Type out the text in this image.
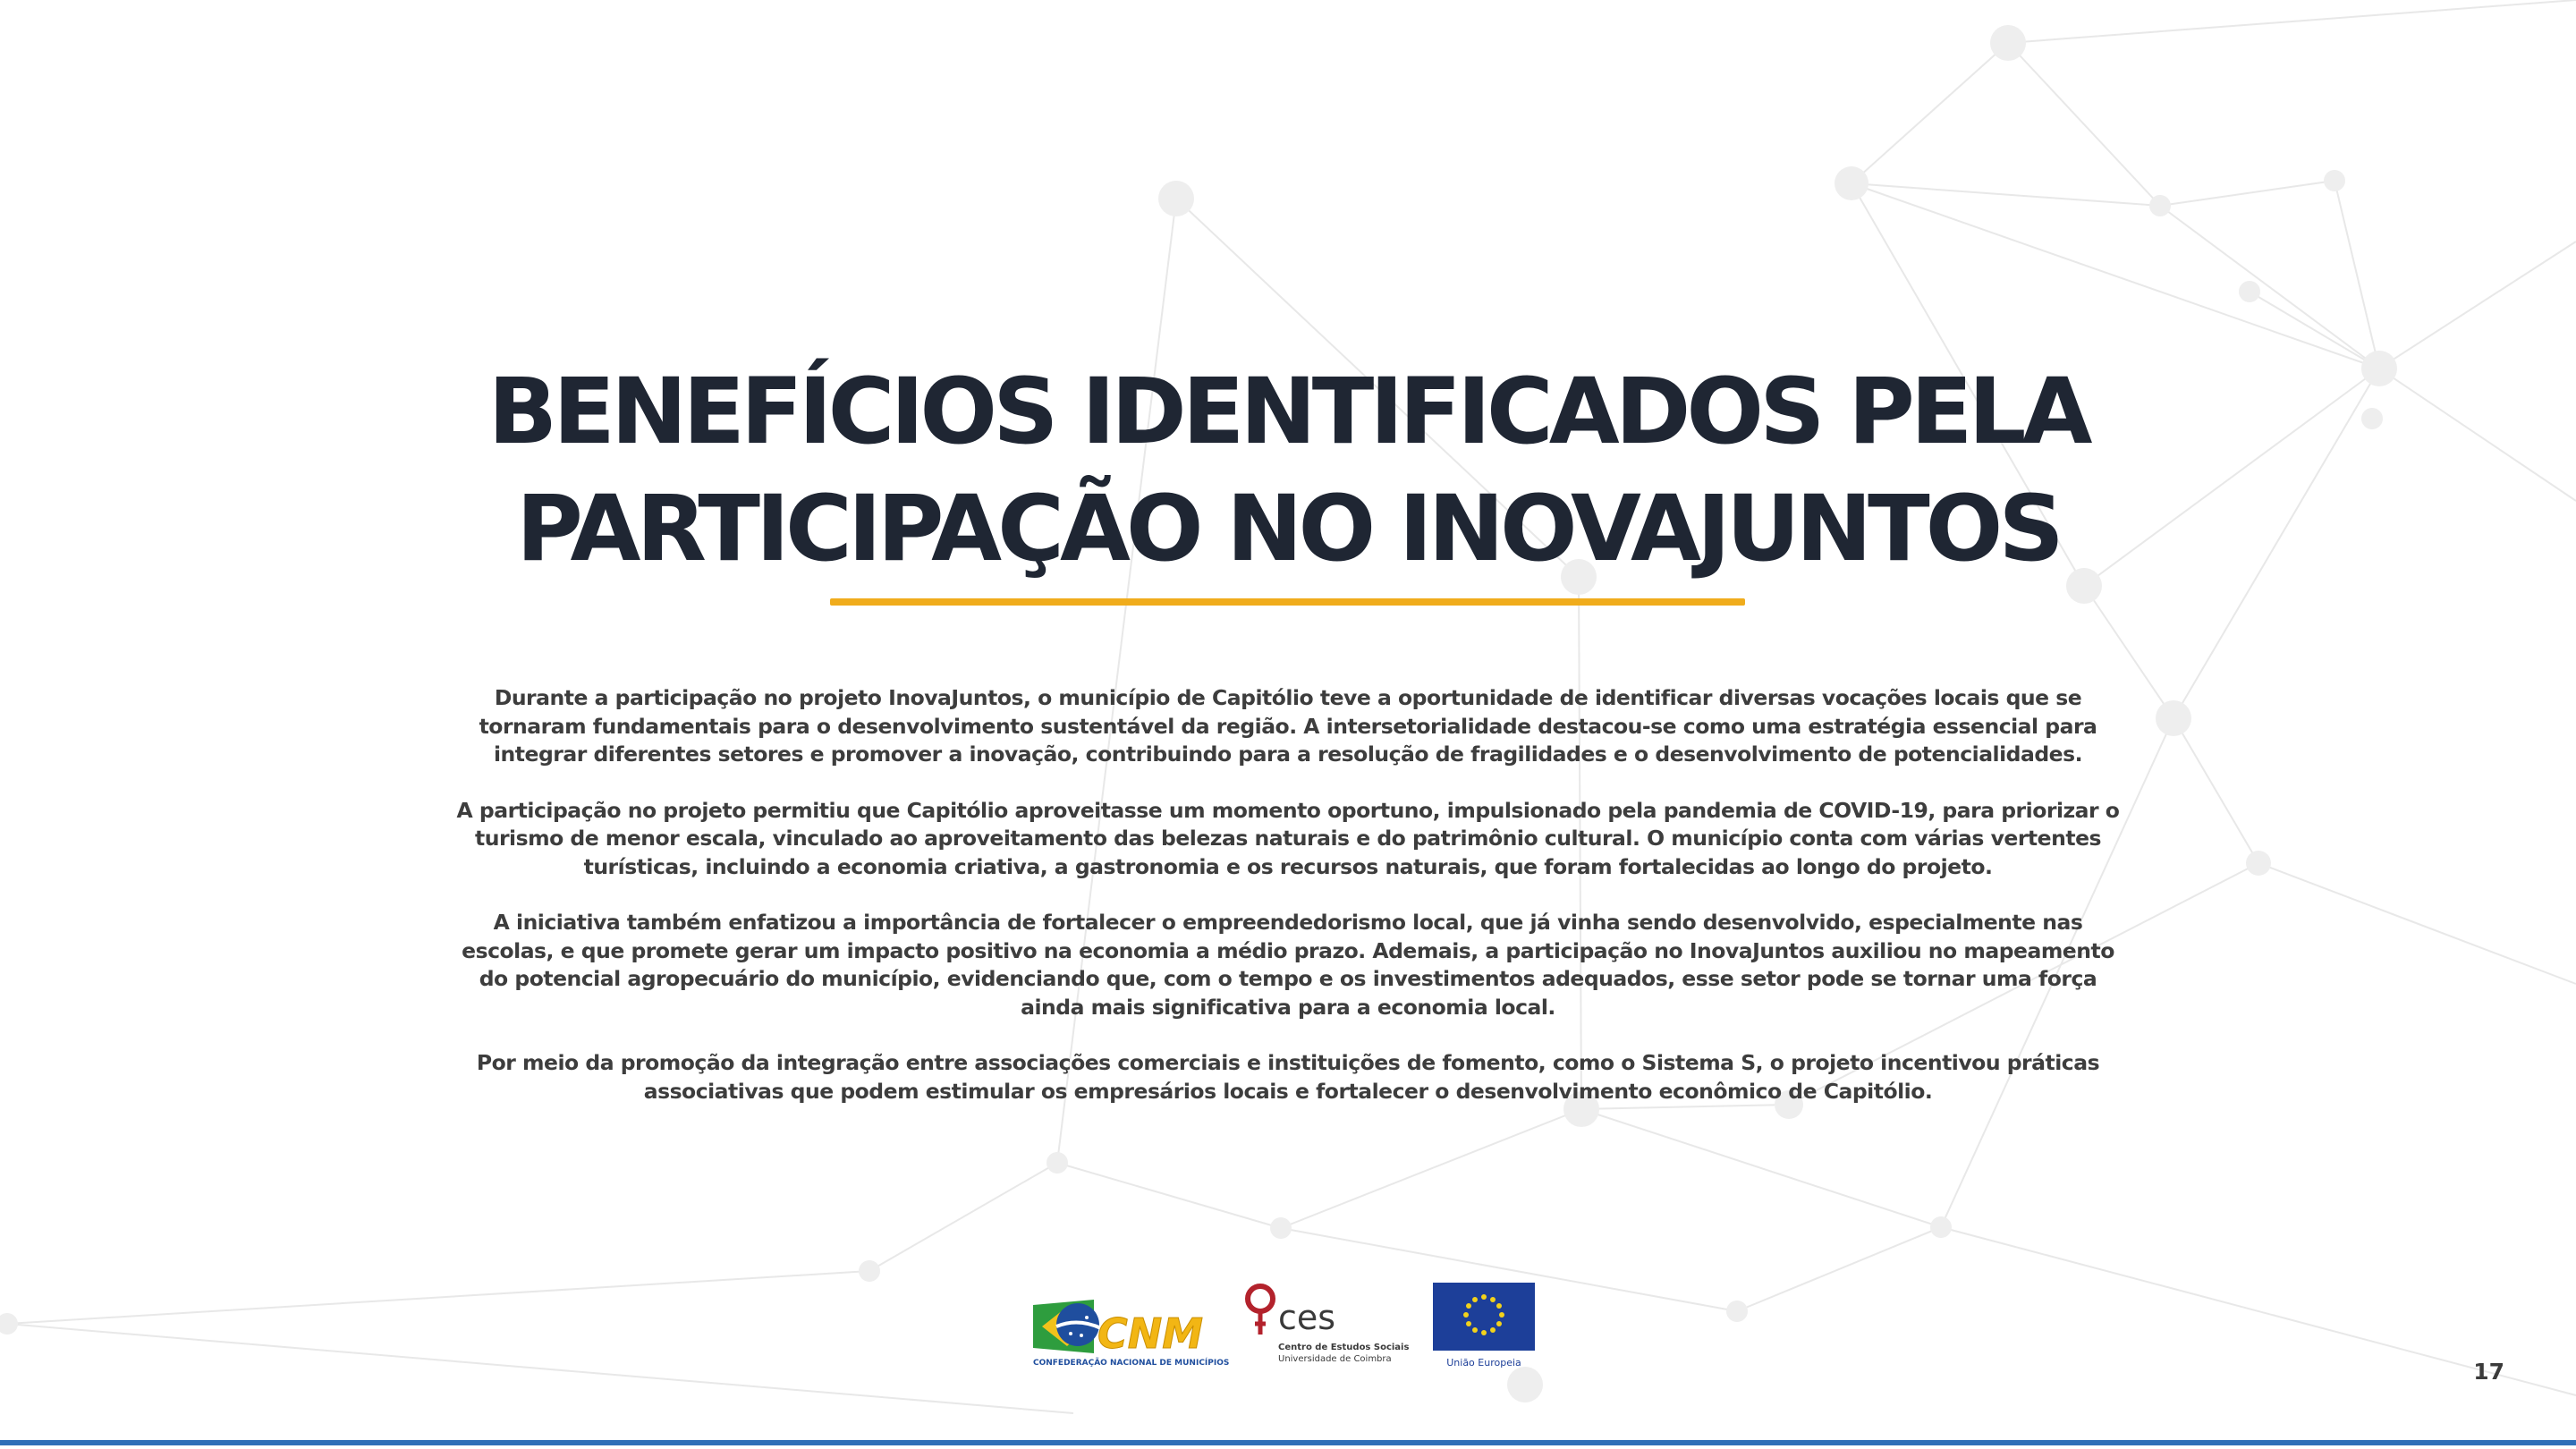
BENEFÍCIOS IDENTIFICADOS PELA
PARTICIPAÇÃO NO INOVAJUNTOS

Durante a participação no projeto InovaJuntos, o município de Capitólio teve a oportunidade de identificar diversas vocações locais que se tornaram fundamentais para o desenvolvimento sustentável da região. A intersetorialidade destacou-se como uma estratégia essencial para integrar diferentes setores e promover a inovação, contribuindo para a resolução de fragilidades e o desenvolvimento de potencialidades.

A participação no projeto permitiu que Capitólio aproveitasse um momento oportuno, impulsionado pela pandemia de COVID-19, para priorizar o turismo de menor escala, vinculado ao aproveitamento das belezas naturais e do patrimônio cultural. O município conta com várias vertentes turísticas, incluindo a economia criativa, a gastronomia e os recursos naturais, que foram fortalecidas ao longo do projeto.

A iniciativa também enfatizou a importância de fortalecer o empreendedorismo local, que já vinha sendo desenvolvido, especialmente nas escolas, e que promete gerar um impacto positivo na economia a médio prazo. Ademais, a participação no InovaJuntos auxiliou no mapeamento do potencial agropecuário do município, evidenciando que, com o tempo e os investimentos adequados, esse setor pode se tornar uma força ainda mais significativa para a economia local.

Por meio da promoção da integração entre associações comerciais e instituições de fomento, como o Sistema S, o projeto incentivou práticas associativas que podem estimular os empresários locais e fortalecer o desenvolvimento econômico de Capitólio.

CNM
CONFEDERAÇÃO NACIONAL DE MUNICÍPIOS
ces
Centro de Estudos Sociais
Universidade de Coimbra	União Europeia	17
